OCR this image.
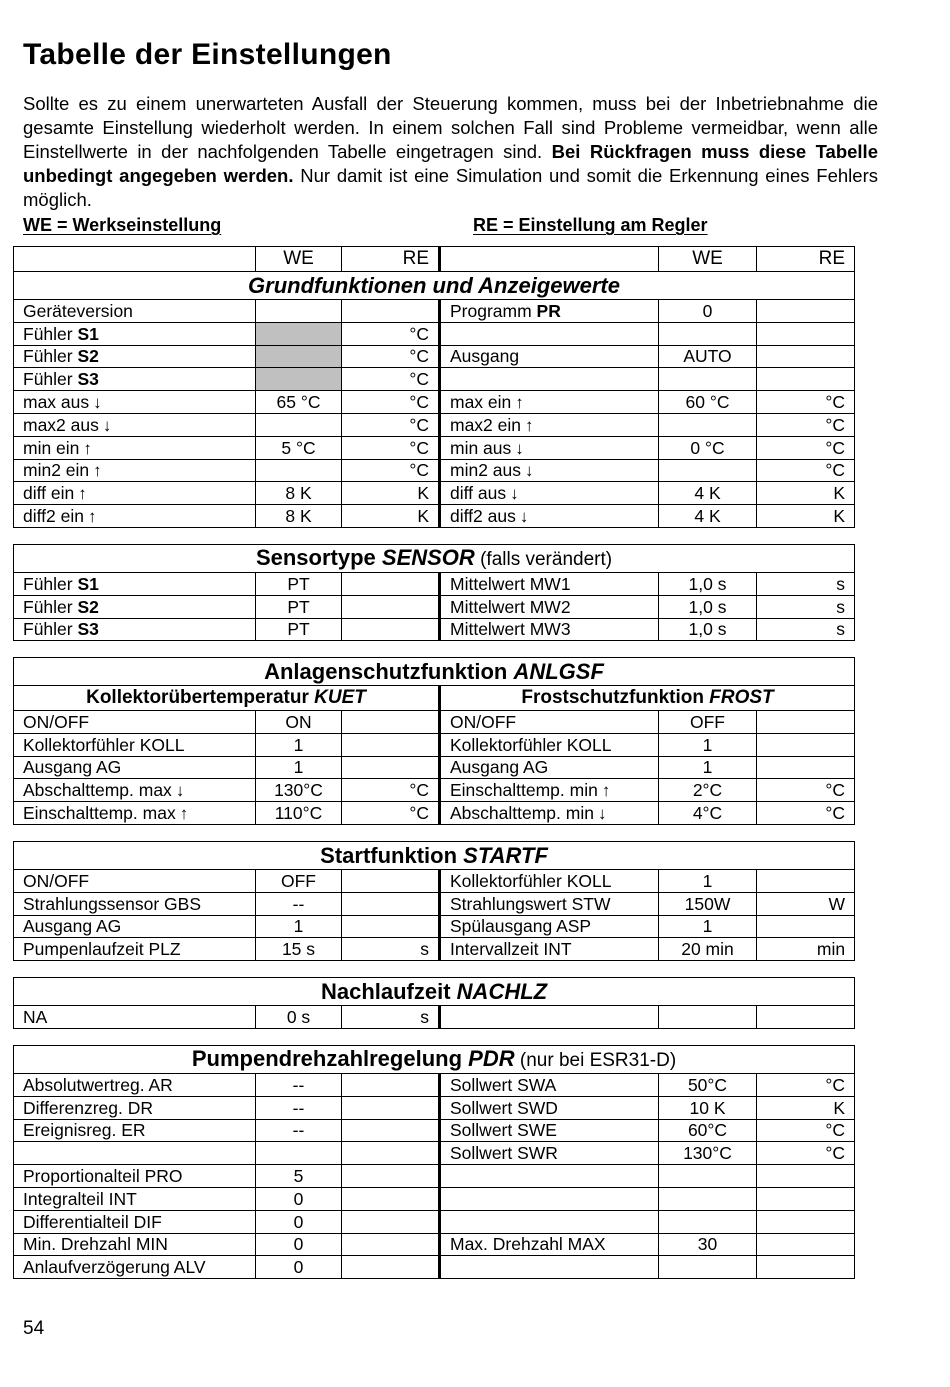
Tabelle der Einstellungen

Sollte es zu einem unerwarteten Ausfall der Steuerung kommen, muss bei der Inbetriebnahme die gesamte Einstellung wiederholt werden. In einem solchen Fall sind Probleme vermeidbar, wenn alle Einstellwerte in der nachfolgenden Tabelle eingetragen sind. Bei Rückfragen muss diese Tabelle unbedingt angegeben werden. Nur damit ist eine Simulation und somit die Erkennung eines Fehlers möglich.

WE = Werkseinstellung	RE = Einstellung am Regler
	WE	RE		WE	RE
Grundfunktionen und Anzeigewerte					
Geräteversion			Programm PR	0	
Fühler S1		°C			
Fühler S2		°C	Ausgang	AUTO	
Fühler S3		°C			
max aus ↓	65 °C	°C	max ein ↑	60 °C	°C
max2 aus ↓		°C	max2 ein ↑		°C
min ein ↑	5 °C	°C	min aus ↓	0 °C	°C
min2 ein ↑		°C	min2 aus ↓		°C
diff ein ↑	8 K	K	diff aus ↓	4 K	K
diff2 ein ↑	8 K	K	diff2 aus ↓	4 K	K
Sensortype SENSOR (falls verändert)					
Fühler S1	PT		Mittelwert MW1	1,0 s	s
Fühler S2	PT		Mittelwert MW2	1,0 s	s
Fühler S3	PT		Mittelwert MW3	1,0 s	s
Anlagenschutzfunktion ANLGSF					
Kollektorübertemperatur KUET			Frostschutzfunktion FROST		
ON/OFF	ON		ON/OFF	OFF	
Kollektorfühler KOLL	1		Kollektorfühler KOLL	1	
Ausgang AG	1		Ausgang AG	1	
Abschalttemp. max ↓	130°C	°C	Einschalttemp. min ↑	2°C	°C
Einschalttemp. max ↑	110°C	°C	Abschalttemp. min ↓	4°C	°C
Startfunktion STARTF					
ON/OFF	OFF		Kollektorfühler KOLL	1	
Strahlungssensor GBS	--		Strahlungswert STW	150W	W
Ausgang AG	1		Spülausgang ASP	1	
Pumpenlaufzeit PLZ	15 s	s	Intervallzeit INT	20 min	min
Nachlaufzeit NACHLZ
NA	0 s	s			
Pumpendrehzahlregelung PDR (nur bei ESR31-D)					
Absolutwertreg. AR	--		Sollwert SWA	50°C	°C
Differenzreg. DR	--		Sollwert SWD	10 K	K
Ereignisreg. ER	--		Sollwert SWE	60°C	°C
			Sollwert SWR	130°C	°C
Proportionalteil PRO	5				
Integralteil INT	0				
Differentialteil DIF	0				
Min. Drehzahl MIN	0		Max. Drehzahl MAX	30	
Anlaufverzögerung ALV	0				
54
